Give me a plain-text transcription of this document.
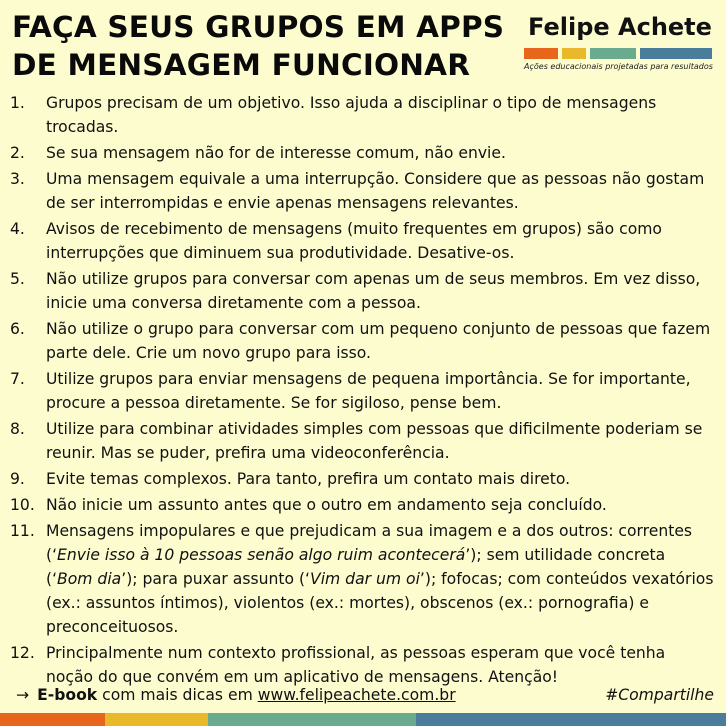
FAÇA SEUS GRUPOS EM APPS
DE MENSAGEM FUNCIONAR
Felipe Achete
Ações educacionais projetadas para resultados
1.	Grupos precisam de um objetivo. Isso ajuda a disciplinar o tipo de mensagens trocadas.
2.	Se sua mensagem não for de interesse comum, não envie.
3.	Uma mensagem equivale a uma interrupção. Considere que as pessoas não gostam de ser interrompidas e envie apenas mensagens relevantes.
4.	Avisos de recebimento de mensagens (muito frequentes em grupos) são como interrupções que diminuem sua produtividade. Desative-os.
5.	Não utilize grupos para conversar com apenas um de seus membros. Em vez disso, inicie uma conversa diretamente com a pessoa.
6.	Não utilize o grupo para conversar com um pequeno conjunto de pessoas que fazem parte dele. Crie um novo grupo para isso.
7.	Utilize grupos para enviar mensagens de pequena importância. Se for importante, procure a pessoa diretamente. Se for sigiloso, pense bem.
8.	Utilize para combinar atividades simples com pessoas que dificilmente poderiam se reunir. Mas se puder, prefira uma videoconferência.
9.	Evite temas complexos. Para tanto, prefira um contato mais direto.
10. Não inicie um assunto antes que o outro em andamento seja concluído.
11. Mensagens impopulares e que prejudicam a sua imagem e a dos outros: correntes (‘Envie isso à 10 pessoas senão algo ruim acontecerá’); sem utilidade concreta (‘Bom dia’); para puxar assunto (‘Vim dar um oi’); fofocas; com conteúdos vexatórios (ex.: assuntos íntimos), violentos (ex.: mortes), obscenos (ex.: pornografia) e preconceituosos.
12. Principalmente num contexto profissional, as pessoas esperam que você tenha noção do que convém em um aplicativo de mensagens. Atenção!
→ E-book com mais dicas em www.felipeachete.com.br	#Compartilhe
